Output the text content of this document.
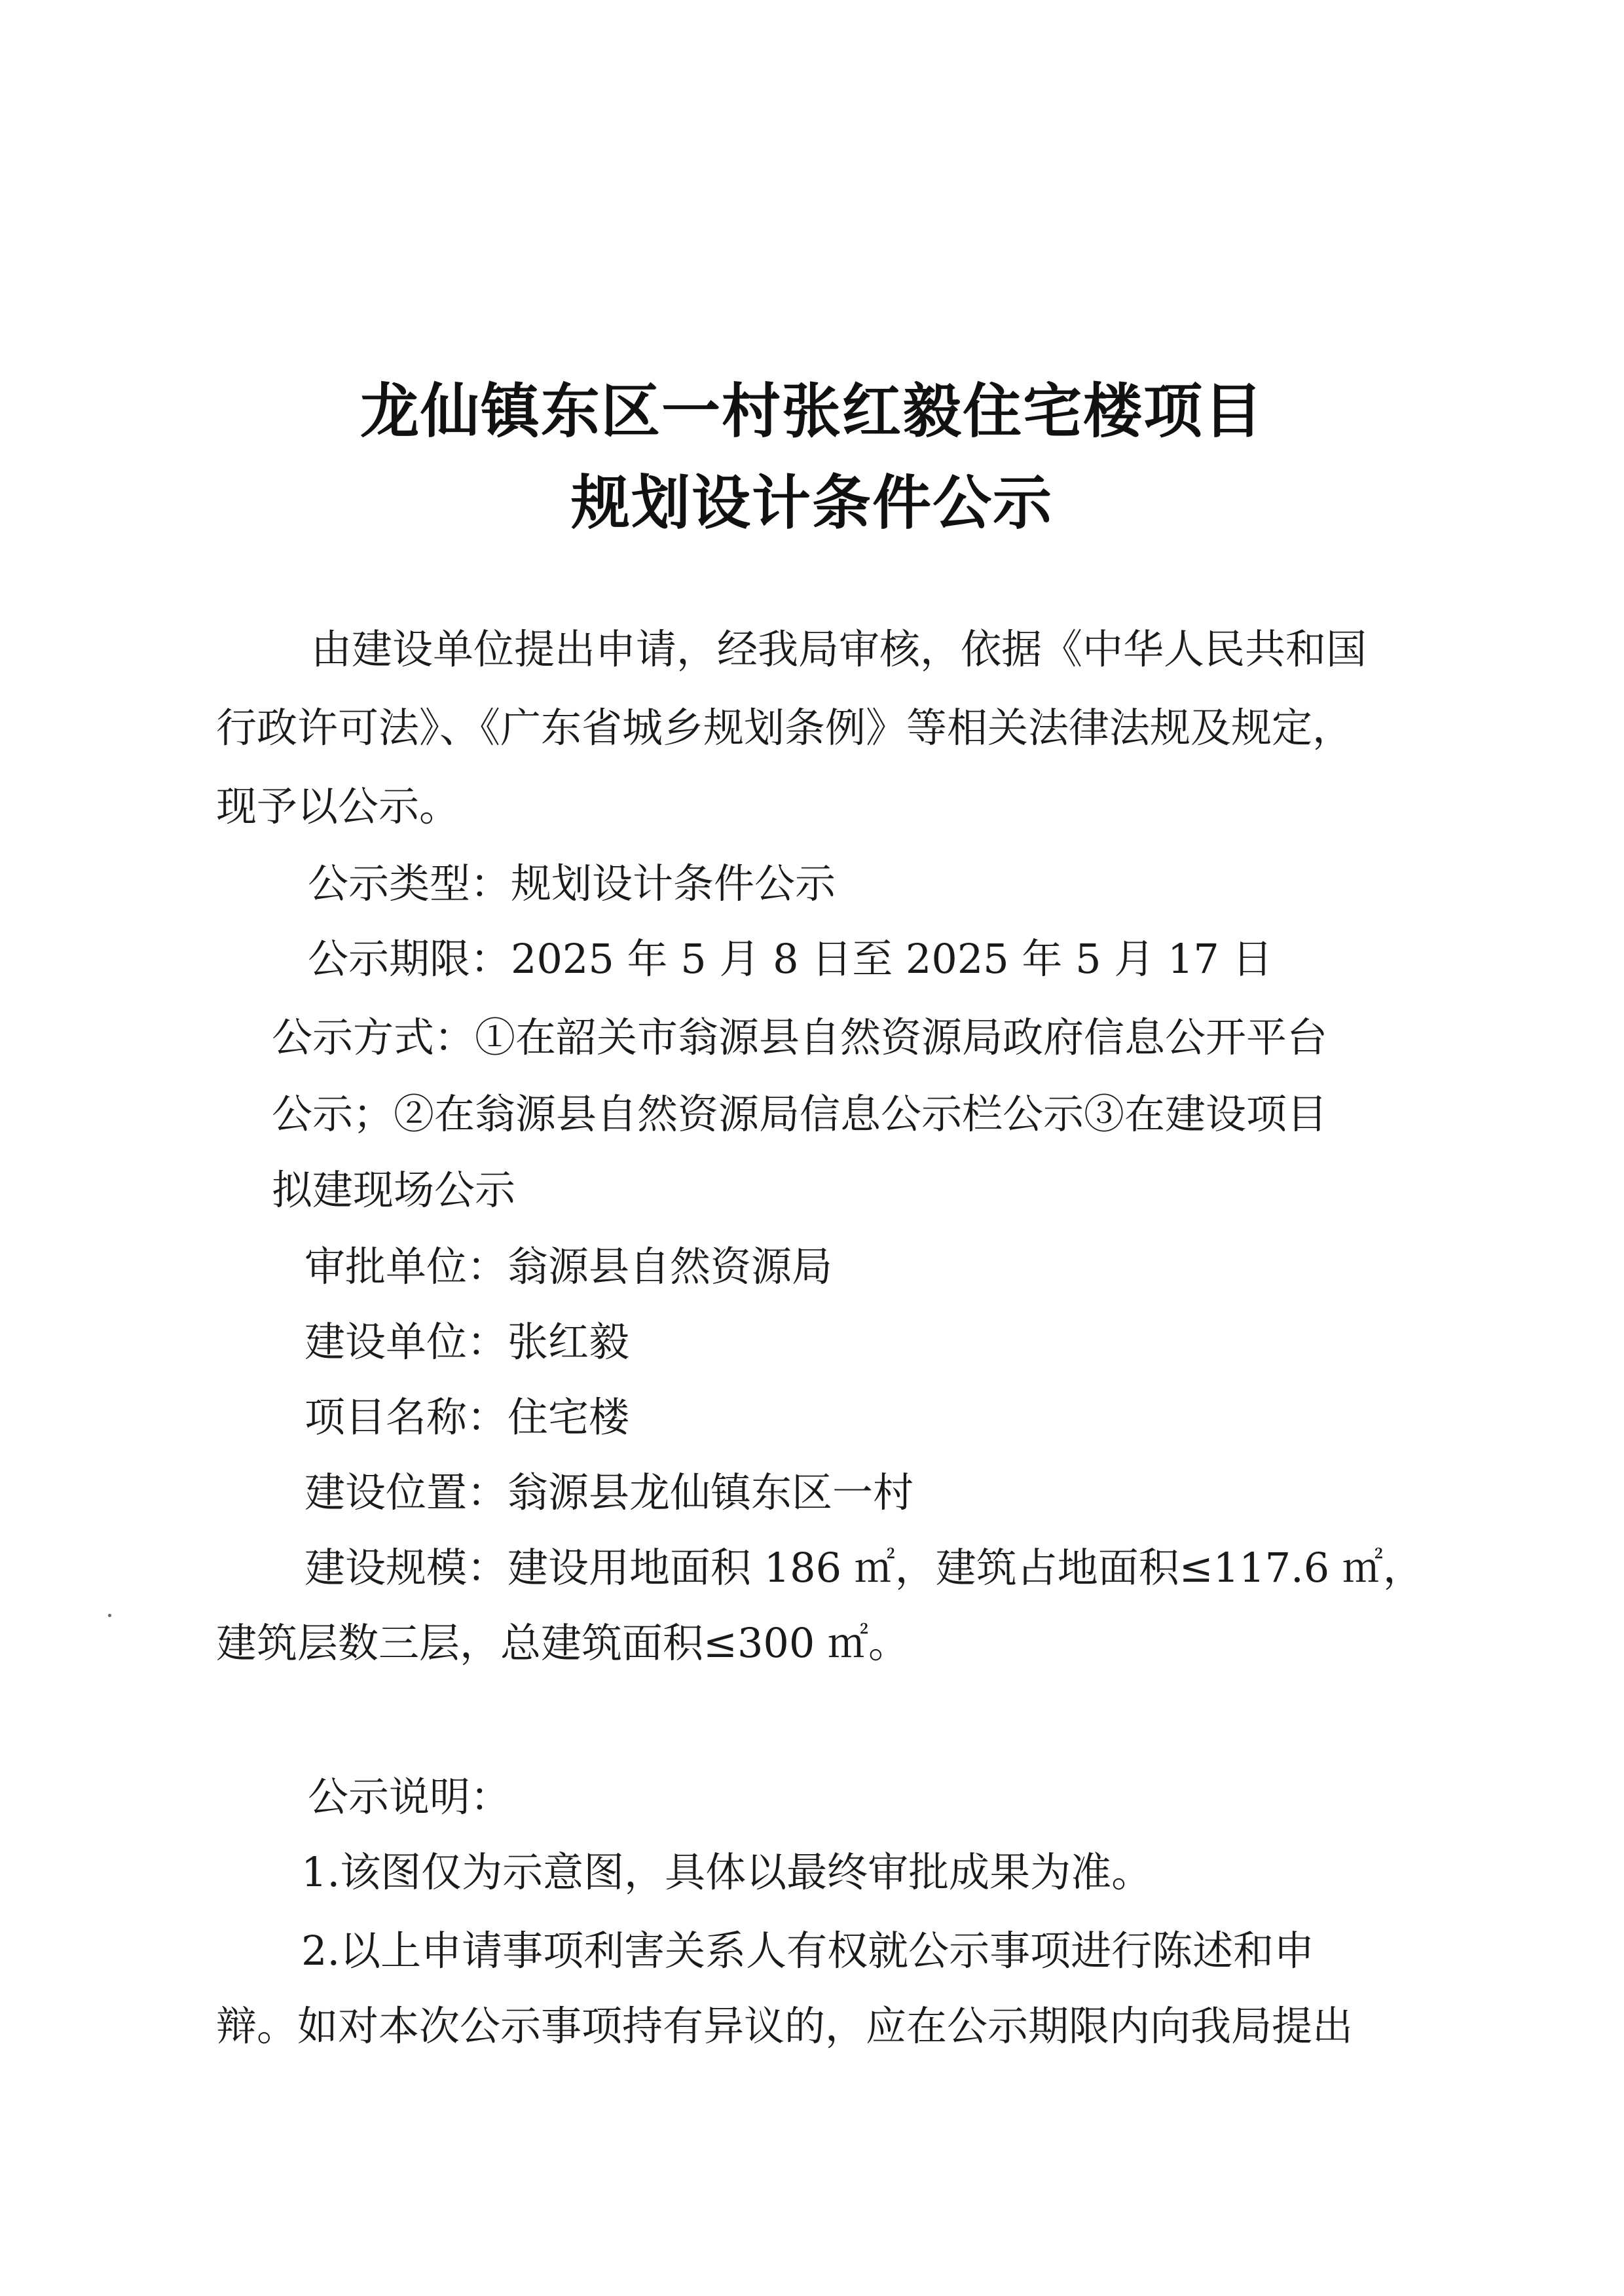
龙仙镇东区一村张红毅住宅楼项目
规划设计条件公示
由建设单位提出申请，经我局审核，依据《中华人民共和国
行政许可法》、《广东省城乡规划条例》等相关法律法规及规定，
现予以公示。
公示类型：规划设计条件公示
公示期限：2025 年 5 月 8 日至 2025 年 5 月 17 日
公示方式：①在韶关市翁源县自然资源局政府信息公开平台
公示；②在翁源县自然资源局信息公示栏公示③在建设项目
拟建现场公示
审批单位：翁源县自然资源局
建设单位：张红毅
项目名称：住宅楼
建设位置：翁源县龙仙镇东区一村
建设规模：建设用地面积 186 ㎡，建筑占地面积≤117.6 ㎡，
建筑层数三层，总建筑面积≤300 ㎡。
公示说明：
1.该图仅为示意图，具体以最终审批成果为准。
2.以上申请事项利害关系人有权就公示事项进行陈述和申
辩。如对本次公示事项持有异议的，应在公示期限内向我局提出
